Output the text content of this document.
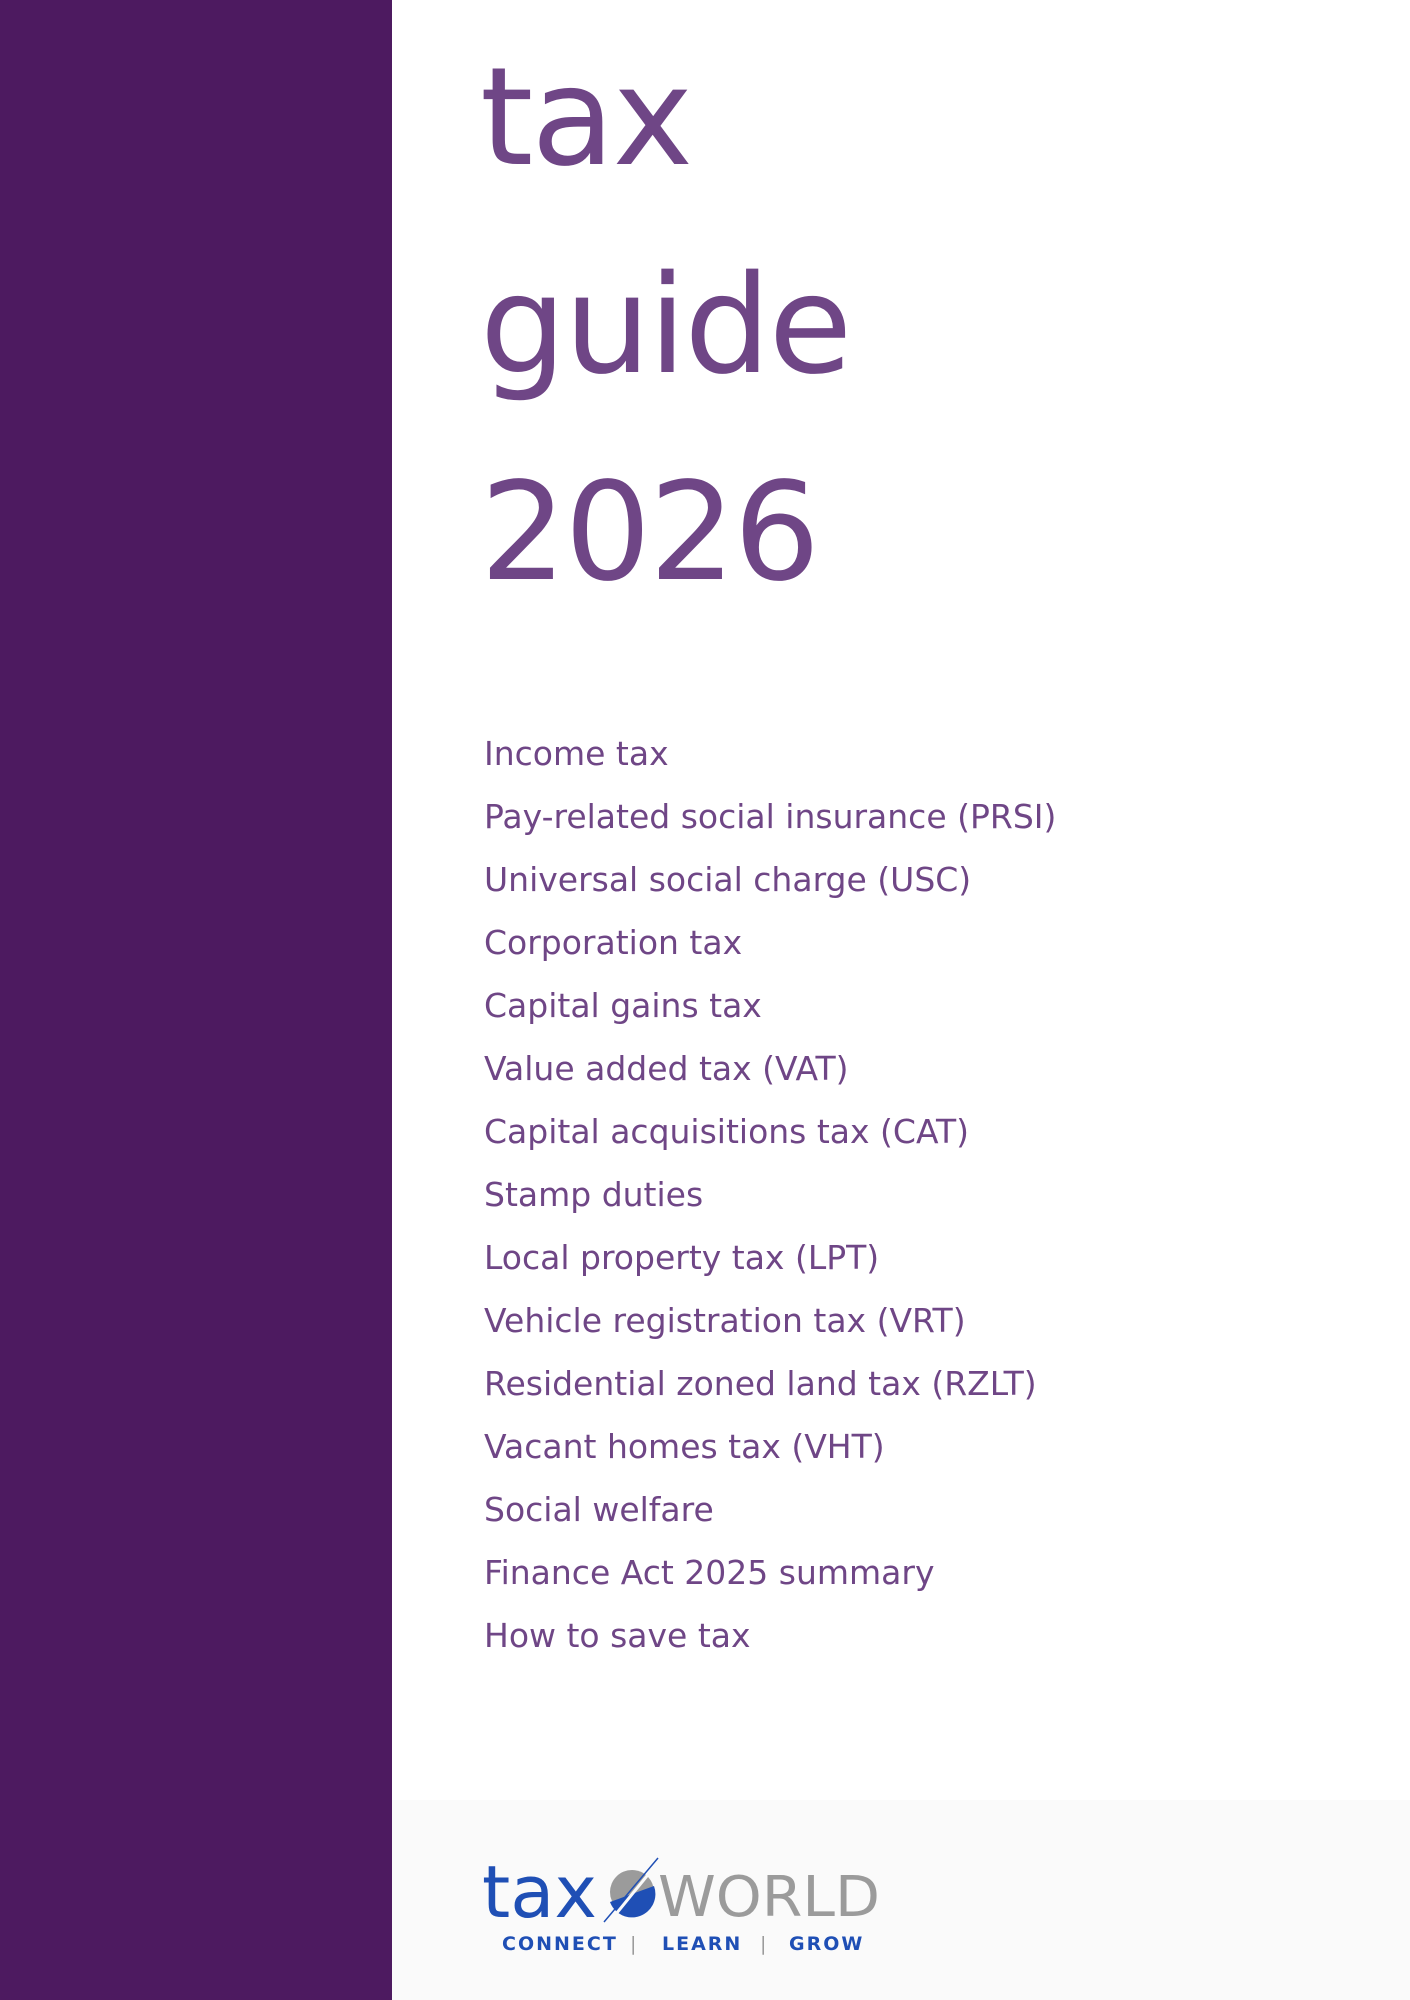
tax
guide
2026
Income tax
Pay-related social insurance (PRSI)
Universal social charge (USC)
Corporation tax
Capital gains tax
Value added tax (VAT)
Capital acquisitions tax (CAT)
Stamp duties
Local property tax (LPT)
Vehicle registration tax (VRT)
Residential zoned land tax (RZLT)
Vacant homes tax (VHT)
Social welfare
Finance Act 2025 summary
How to save tax
tax WORLD
CONNECT | LEARN | GROW
